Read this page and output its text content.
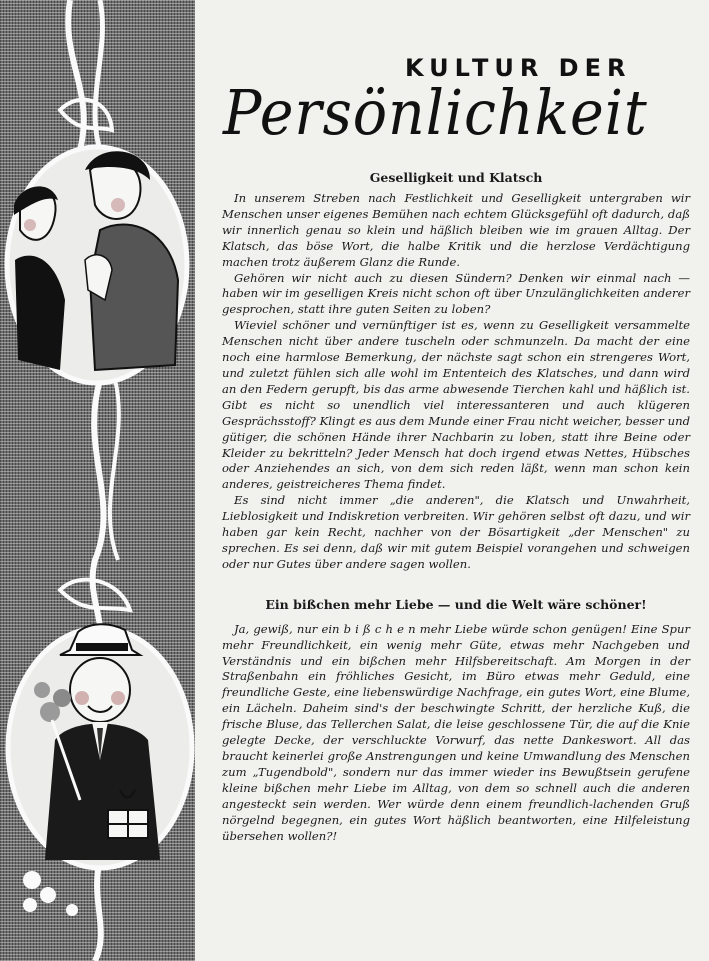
KULTUR DER
Persönlichkeit
Geselligkeit und Klatsch

In unserem Streben nach Festlichkeit und Geselligkeit untergraben wir Menschen unser eigenes Bemühen nach echtem Glücksgefühl oft dadurch, daß wir innerlich genau so klein und häßlich bleiben wie im grauen Alltag. Der Klatsch, das böse Wort, die halbe Kritik und die herzlose Verdächtigung machen trotz äußerem Glanz die Runde.

Gehören wir nicht auch zu diesen Sündern? Denken wir einmal nach — haben wir im geselligen Kreis nicht schon oft über Unzulänglichkeiten anderer gesprochen, statt ihre guten Seiten zu loben?

Wieviel schöner und vernünftiger ist es, wenn zu Geselligkeit versammelte Menschen nicht über andere tuscheln oder schmunzeln. Da macht der eine noch eine harmlose Bemerkung, der nächste sagt schon ein strengeres Wort, und zuletzt fühlen sich alle wohl im Ententeich des Klatsches, und dann wird an den Federn gerupft, bis das arme abwesende Tierchen kahl und häßlich ist. Gibt es nicht so unendlich viel interessanteren und auch klügeren Gesprächsstoff? Klingt es aus dem Munde einer Frau nicht weicher, besser und gütiger, die schönen Hände ihrer Nachbarin zu loben, statt ihre Beine oder Kleider zu bekritteln? Jeder Mensch hat doch irgend etwas Nettes, Hübsches oder Anziehendes an sich, von dem sich reden läßt, wenn man schon kein anderes, geistreicheres Thema findet.

Es sind nicht immer „die anderen", die Klatsch und Unwahrheit, Lieblosigkeit und Indiskretion verbreiten. Wir gehören selbst oft dazu, und wir haben gar kein Recht, nachher von der Bösartigkeit „der Menschen" zu sprechen. Es sei denn, daß wir mit gutem Beispiel vorangehen und schweigen oder nur Gutes über andere sagen wollen.

Ein bißchen mehr Liebe — und die Welt wäre schöner!

Ja, gewiß, nur ein b i ß c h e n mehr Liebe würde schon genügen! Eine Spur mehr Freundlichkeit, ein wenig mehr Güte, etwas mehr Nachgeben und Verständnis und ein bißchen mehr Hilfsbereitschaft. Am Morgen in der Straßenbahn ein fröhliches Gesicht, im Büro etwas mehr Geduld, eine freundliche Geste, eine liebenswürdige Nachfrage, ein gutes Wort, eine Blume, ein Lächeln. Daheim sind's der beschwingte Schritt, der herzliche Kuß, die frische Bluse, das Tellerchen Salat, die leise geschlossene Tür, die auf die Knie gelegte Decke, der verschluckte Vorwurf, das nette Dankeswort. All das braucht keinerlei große Anstrengungen und keine Umwandlung des Menschen zum „Tugendbold", sondern nur das immer wieder ins Bewußtsein gerufene kleine bißchen mehr Liebe im Alltag, von dem so schnell auch die anderen angesteckt sein werden. Wer würde denn einem freundlich-lachenden Gruß nörgelnd begegnen, ein gutes Wort häßlich beantworten, eine Hilfeleistung übersehen wollen?!
